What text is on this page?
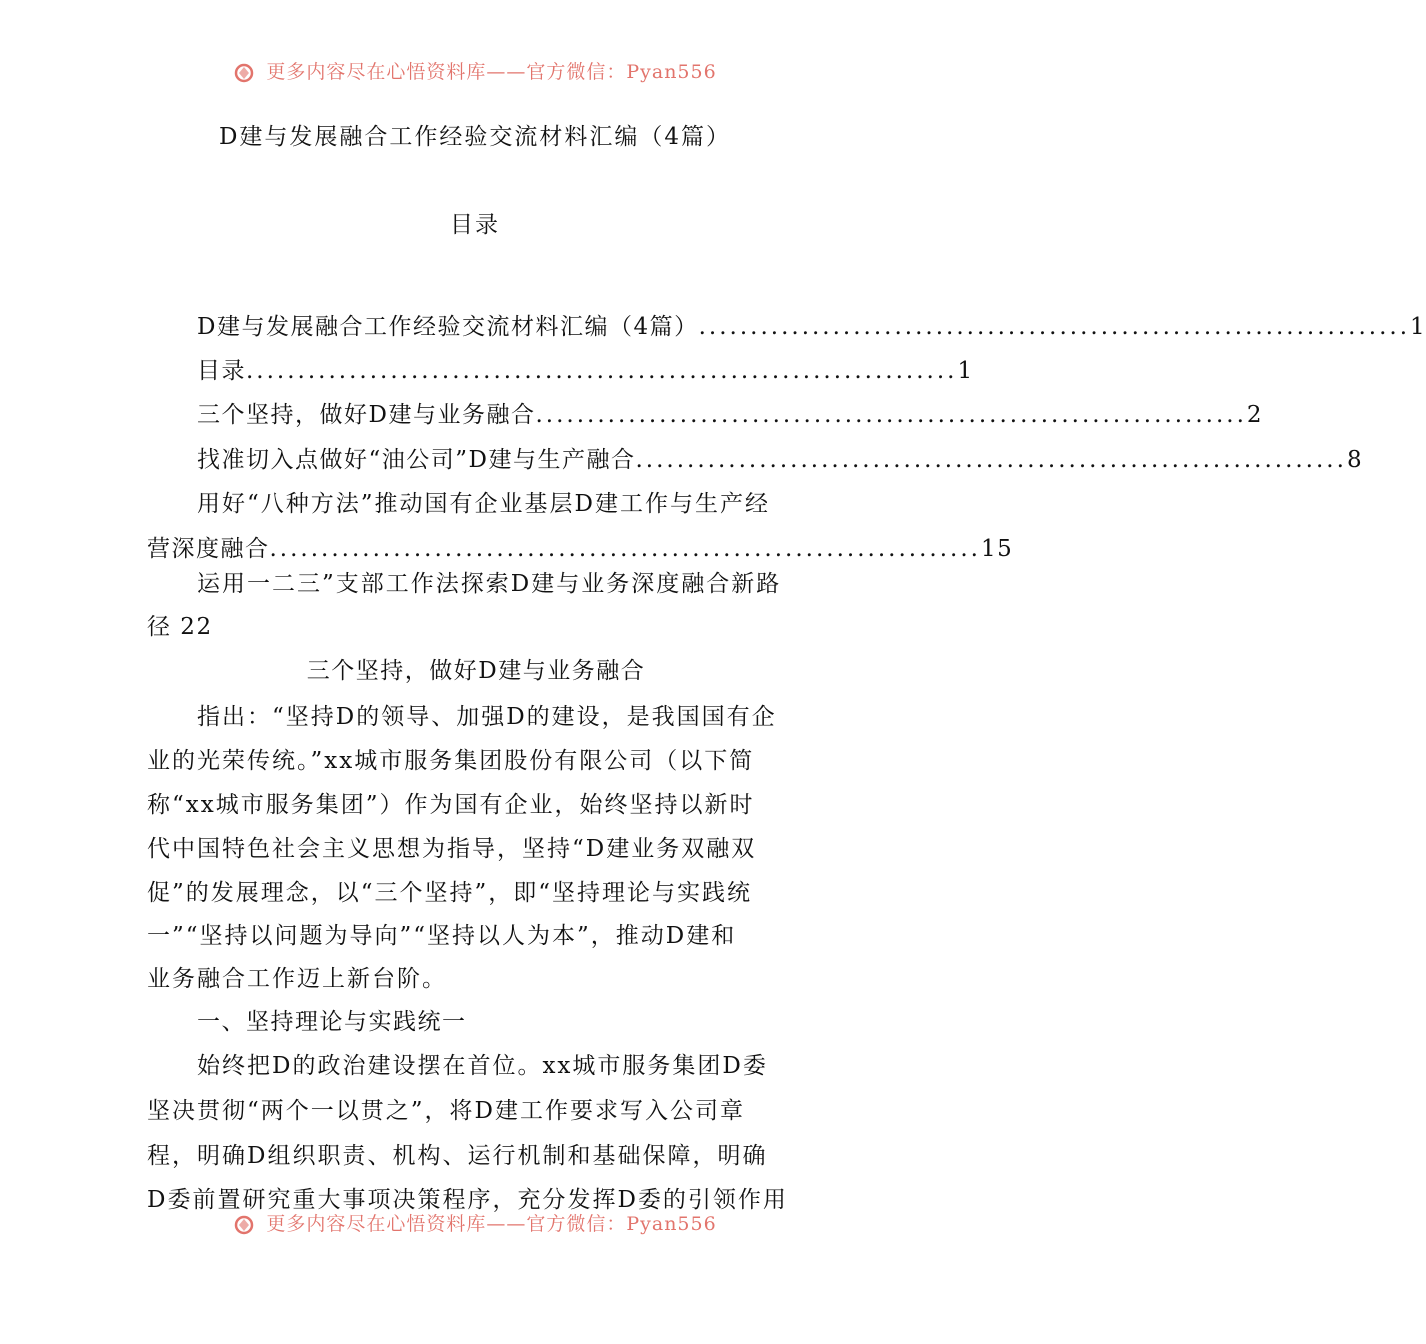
更多内容尽在心悟资料库——官方微信：Pyan556
D建与发展融合工作经验交流材料汇编（4篇）
目录
D建与发展融合工作经验交流材料汇编（4篇） ..................................................................... 1
目录 ..................................................................... 1
三个坚持，做好D建与业务融合 ..................................................................... 2
找准切入点做好“油公司”D建与生产融合 ..................................................................... 8
用好“八种方法”推动国有企业基层D建工作与生产经
营深度融合 ..................................................................... 15
运用一二三”支部工作法探索D建与业务深度融合新路
径 22
三个坚持，做好D建与业务融合
指出：“坚持D的领导、加强D的建设，是我国国有企
业的光荣传统。”xx城市服务集团股份有限公司（以下简
称“xx城市服务集团”）作为国有企业，始终坚持以新时
代中国特色社会主义思想为指导，坚持“D建业务双融双
促”的发展理念，以“三个坚持”，即“坚持理论与实践统
一”“坚持以问题为导向”“坚持以人为本”，推动D建和
业务融合工作迈上新台阶。
一、坚持理论与实践统一
始终把D的政治建设摆在首位。xx城市服务集团D委
坚决贯彻“两个一以贯之”，将D建工作要求写入公司章
程，明确D组织职责、机构、运行机制和基础保障，明确
D委前置研究重大事项决策程序，充分发挥D委的引领作用
更多内容尽在心悟资料库——官方微信：Pyan556
